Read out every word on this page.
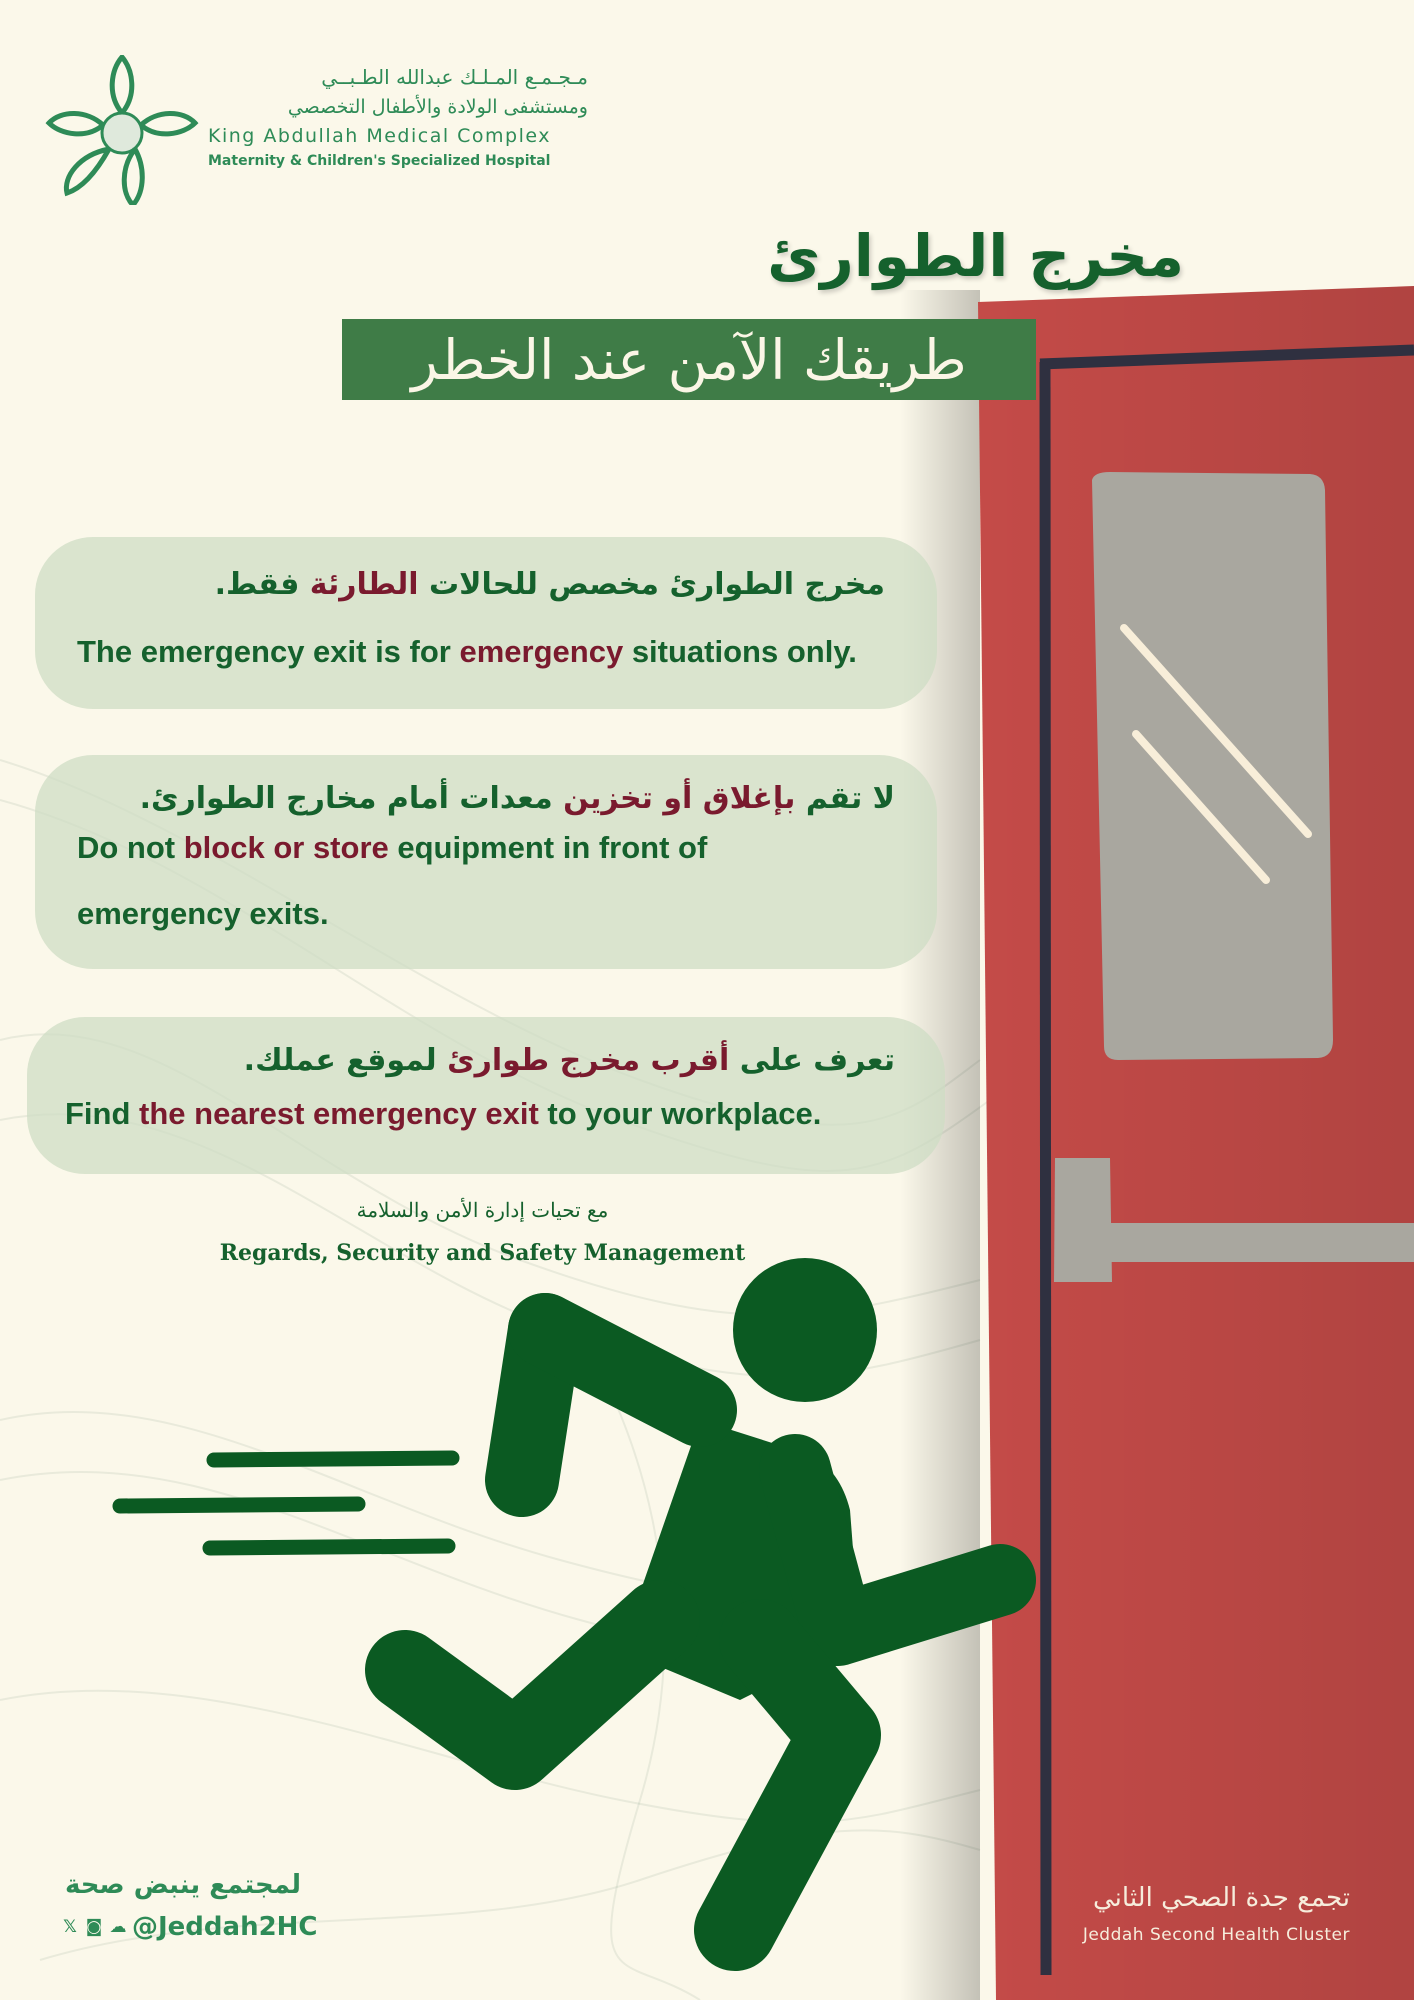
مـجـمـع المـلـك عبدالله الطـبــي
ومستشفى الولادة والأطفال التخصصي
King Abdullah Medical Complex
Maternity & Children's Specialized Hospital
مخرج الطوارئ
طريقك الآمن عند الخطر
مخرج الطوارئ مخصص للحالات الطارئة فقط.
The emergency exit is for emergency situations only.
لا تقم بإغلاق أو تخزين معدات أمام مخارج الطوارئ.
Do not block or store equipment in front of emergency exits.
تعرف على أقرب مخرج طوارئ لموقع عملك.
Find the nearest emergency exit to your workplace.
مع تحيات إدارة الأمن والسلامة
Regards, Security and Safety Management
لمجتمع ينبض صحة
𝕏 ◙ ☁ @Jeddah2HC
تجمع جدة الصحي الثاني
Jeddah Second Health Cluster
